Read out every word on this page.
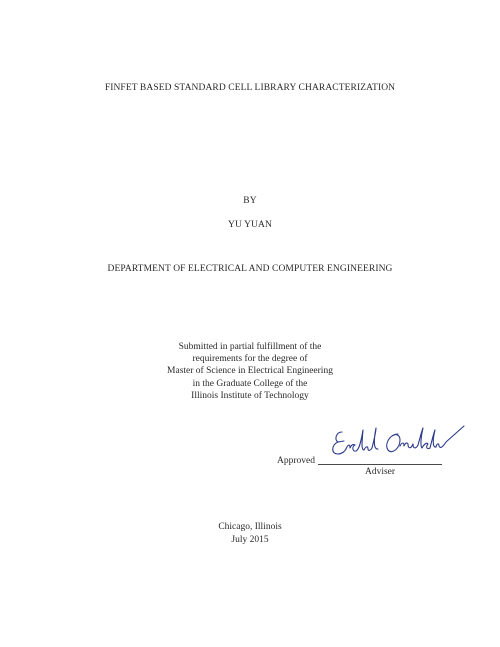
FINFET BASED STANDARD CELL LIBRARY CHARACTERIZATION
BY
YU YUAN
DEPARTMENT OF ELECTRICAL AND COMPUTER ENGINEERING
Submitted in partial fulfillment of the
requirements for the degree of
Master of Science in Electrical Engineering
in the Graduate College of the
Illinois Institute of Technology
Approved
Adviser
Chicago, Illinois
July 2015
